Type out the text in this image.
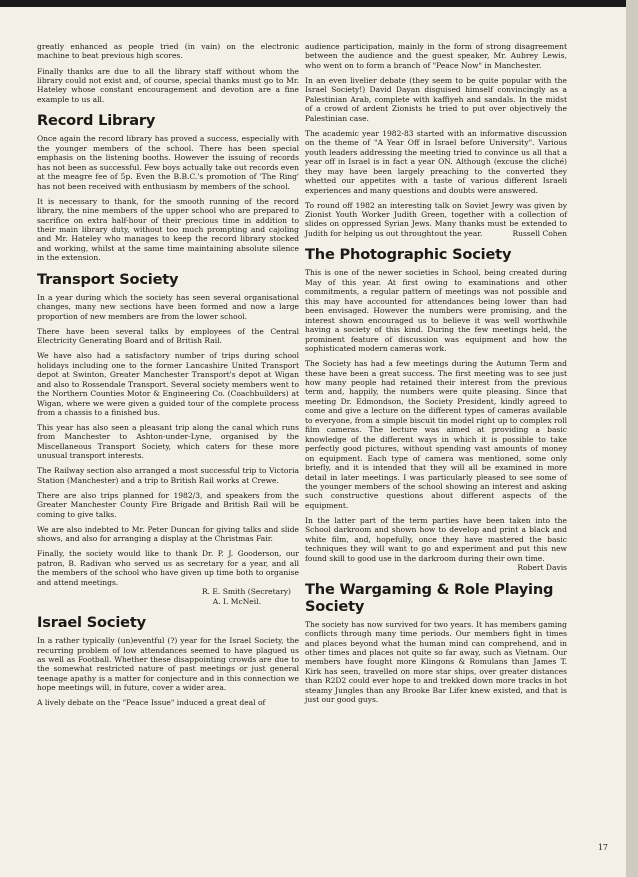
greatly enhanced as people tried (in vain) on the electronic machine to beat previous high scores.

Finally thanks are due to all the library staff without whom the library could not exist and, of course, special thanks must go to Mr. Hateley whose constant encouragement and devotion are a fine example to us all.

Record Library

Once again the record library has proved a success, especially with the younger members of the school. There has been special emphasis on the listening booths. However the issuing of records has not been as successful. Few boys actually take out records even at the meagre fee of 5p. Even the B.B.C.'s promotion of 'The Ring' has not been received with enthusiasm by members of the school.

It is necessary to thank, for the smooth running of the record library, the nine members of the upper school who are prepared to sacrifice on extra half-hour of their precious time in addition to their main library duty, without too much prompting and cajoling and Mr. Hateley who manages to keep the record library stocked and working, whilst at the same time maintaining absolute silence in the extension.

Transport Society

In a year during which the society has seen several organisational changes, many new sections have been formed and now a large proportion of new members are from the lower school.

There have been several talks by employees of the Central Electricity Generating Board and of British Rail.

We have also had a satisfactory number of trips during school holidays including one to the former Lancashire United Transport depot at Swinton, Greater Manchester Transport's depot at Wigan and also to Rossendale Transport. Several society members went to the Northern Counties Motor & Engineering Co. (Coachbuilders) at Wigan, where we were given a guided tour of the complete process from a chassis to a finished bus.

This year has also seen a pleasant trip along the canal which runs from Manchester to Ashton-under-Lyne, organised by the Miscellaneous Transport Society, which caters for these more unusual transport interests.

The Railway section also arranged a most successful trip to Victoria Station (Manchester) and a trip to British Rail works at Crewe.

There are also trips planned for 1982/3, and speakers from the Greater Manchester County Fire Brigade and British Rail will be coming to give talks.

We are also indebted to Mr. Peter Duncan for giving talks and slide shows, and also for arranging a display at the Christmas Fair.

Finally, the society would like to thank Dr. P. J. Gooderson, our patron, B. Radivan who served us as secretary for a year, and all the members of the school who have given up time both to organise and attend meetings.

R. E. Smith (Secretary)
A. I. McNeil.
Israel Society

In a rather typically (un)eventful (?) year for the Israel Society, the recurring problem of low attendances seemed to have plagued us as well as Football. Whether these disappointing crowds are due to the somewhat restricted nature of past meetings or just general teenage apathy is a matter for conjecture and in this connection we hope meetings will, in future, cover a wider area.

A lively debate on the "Peace Issue" induced a great deal of

audience participation, mainly in the form of strong disagreement between the audience and the guest speaker, Mr. Aubrey Lewis, who went on to form a branch of "Peace Now" in Manchester.

In an even livelier debate (they seem to be quite popular with the Israel Society!) David Dayan disguised himself convincingly as a Palestinian Arab, complete with kaffiyeh and sandals. In the midst of a crowd of ardent Zionists he tried to put over objectively the Palestinian case.

The academic year 1982-83 started with an informative discussion on the theme of "A Year Off in Israel before University". Various youth leaders addressing the meeting tried to convince us all that a year off in Israel is in fact a year ON. Although (excuse the cliché) they may have been largely preaching to the converted they whetted our appetites with a taste of various different Israeli experiences and many questions and doubts were answered.

To round off 1982 an interesting talk on Soviet Jewry was given by Zionist Youth Worker Judith Green, together with a collection of slides on oppressed Syrian Jews. Many thanks must be extended to Judith for helping us out throughtout the year.	Russell Cohen

The Photographic Society

This is one of the newer societies in School, being created during May of this year. At first owing to examinations and other commitments, a regular pattern of meetings was not possible and this may have accounted for attendances being lower than had been envisaged. However the numbers were promising, and the interest shown encouraged us to believe it was well worthwhile having a society of this kind. During the few meetings held, the prominent feature of discussion was equipment and how the sophisticated modern cameras work.

The Society has had a few meetings during the Autumn Term and these have been a great success. The first meeting was to see just how many people had retained their interest from the previous term and, happily, the numbers were quite pleasing. Since that meeting Dr. Edmondson, the Society President, kindly agreed to come and give a lecture on the different types of cameras available to everyone, from a simple biscuit tin model right up to complex roll film cameras. The lecture was aimed at providing a basic knowledge of the different ways in which it is possible to take perfectly good pictures, without spending vast amounts of money on equipment. Each type of camera was mentioned, some only briefly, and it is intended that they will all be examined in more detail in later meetings. I was particularly pleased to see some of the younger members of the school showing an interest and asking such constructive questions about different aspects of the equipment.

In the latter part of the term parties have been taken into the School darkroom and shown how to develop and print a black and white film, and, hopefully, once they have mastered the basic techniques they will want to go and experiment and put this new found skill to good use in the darkroom during their own time.

Robert Davis
The Wargaming & Role Playing Society

The society has now survived for two years. It has members gaming conflicts through many time periods. Our members fight in times and places beyond what the human mind can comprehend, and in other times and places not quite so far away, such as Vietnam. Our members have fought more Klingons & Romulans than James T. Kirk has seen, travelled on more star ships, over greater distances than R2D2 could ever hope to and trekked down more tracks in hot steamy Jungles than any Brooke Bar Lifer knew existed, and that is just our good guys.

17
